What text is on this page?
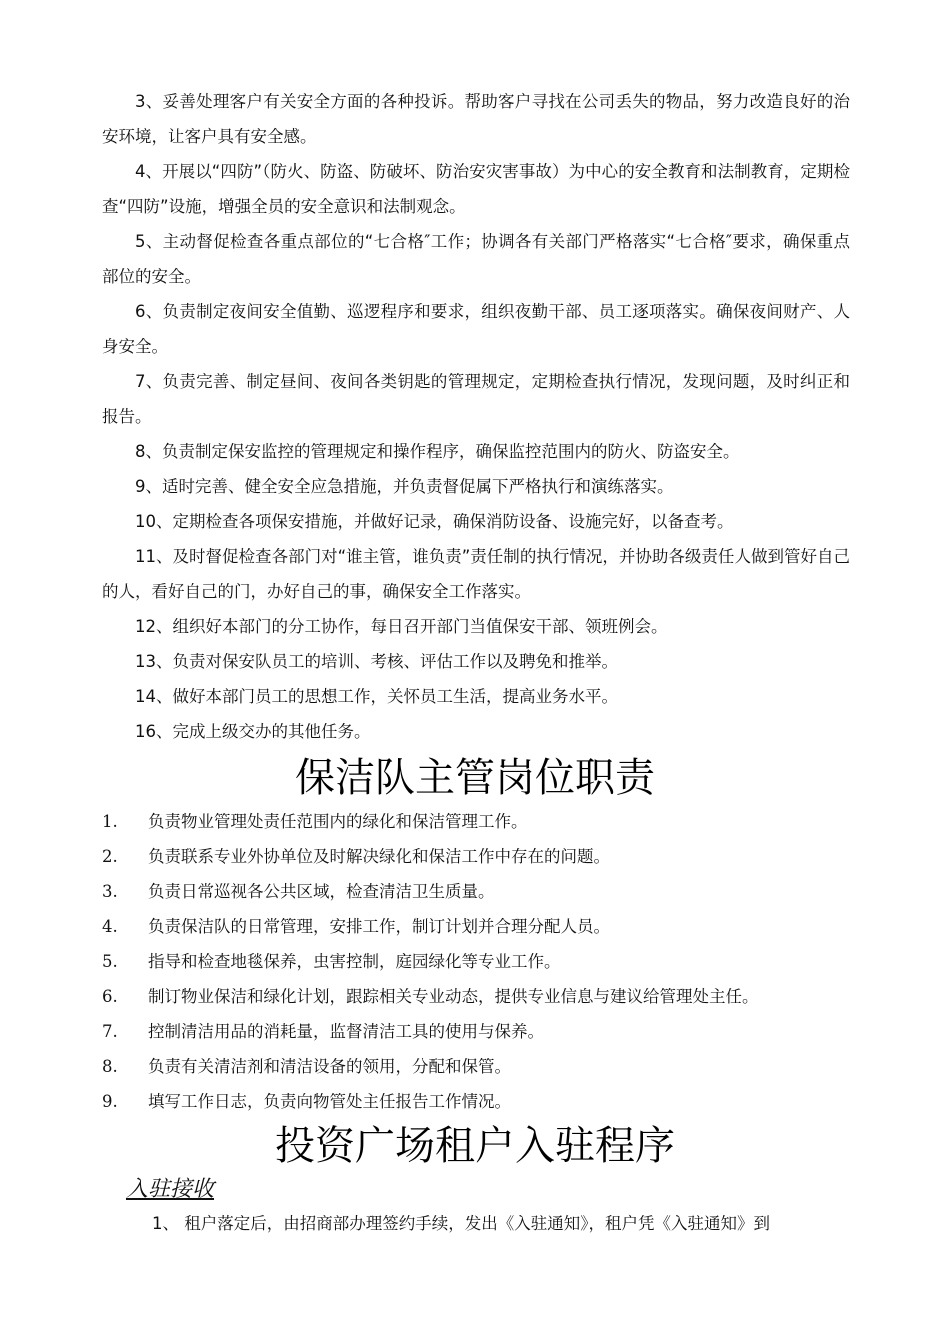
3、妥善处理客户有关安全方面的各种投诉。帮助客户寻找在公司丢失的物品，努力改造良好的治安环境，让客户具有安全感。

4、开展以“四防”（防火、防盗、防破坏、防治安灾害事故）为中心的安全教育和法制教育，定期检查“四防”设施，增强全员的安全意识和法制观念。

5、主动督促检查各重点部位的“七合格″工作；协调各有关部门严格落实“七合格″要求，确保重点部位的安全。

6、负责制定夜间安全值勤、巡逻程序和要求，组织夜勤干部、员工逐项落实。确保夜间财产、人身安全。

7、负责完善、制定昼间、夜间各类钥匙的管理规定，定期检查执行情况，发现问题，及时纠正和报告。

8、负责制定保安监控的管理规定和操作程序，确保监控范围内的防火、防盗安全。

9、适时完善、健全安全应急措施，并负责督促属下严格执行和演练落实。

10、定期检查各项保安措施，并做好记录，确保消防设备、设施完好，以备查考。

11、及时督促检查各部门对“谁主管，谁负责”责任制的执行情况，并协助各级责任人做到管好自己的人，看好自己的门，办好自己的事，确保安全工作落实。

12、组织好本部门的分工协作，每日召开部门当值保安干部、领班例会。

13、负责对保安队员工的培训、考核、评估工作以及聘免和推举。

14、做好本部门员工的思想工作，关怀员工生活，提高业务水平。

16、完成上级交办的其他任务。

保洁队主管岗位职责
1. 负责物业管理处责任范围内的绿化和保洁管理工作。
2. 负责联系专业外协单位及时解决绿化和保洁工作中存在的问题。
3. 负责日常巡视各公共区域，检查清洁卫生质量。
4. 负责保洁队的日常管理，安排工作，制订计划并合理分配人员。
5. 指导和检查地毯保养，虫害控制，庭园绿化等专业工作。
6. 制订物业保洁和绿化计划，跟踪相关专业动态，提供专业信息与建议给管理处主任。
7. 控制清洁用品的消耗量，监督清洁工具的使用与保养。
8. 负责有关清洁剂和清洁设备的领用，分配和保管。
9. 填写工作日志，负责向物管处主任报告工作情况。
投资广场租户入驻程序

入驻接收

1、 租户落定后，由招商部办理签约手续，发出《入驻通知》，租户凭《入驻通知》到
